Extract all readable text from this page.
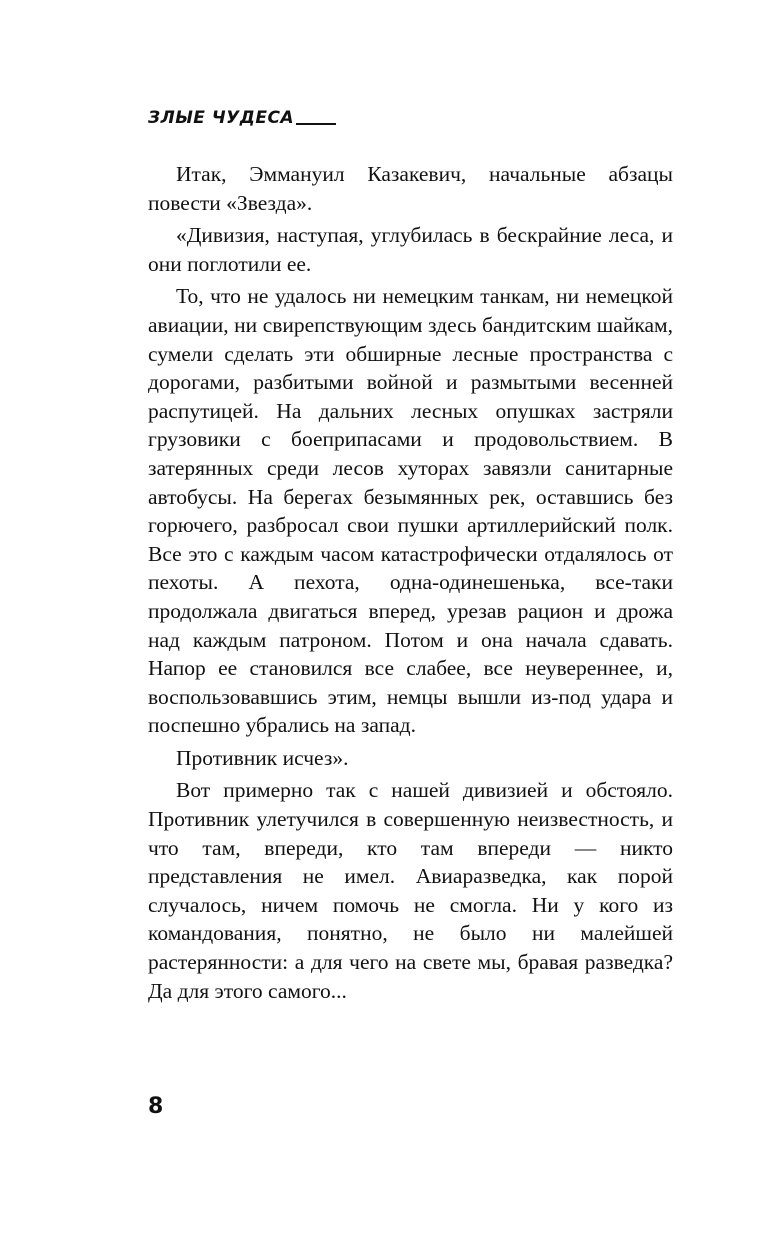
ЗЛЫЕ ЧУДЕСА

Итак, Эммануил Казакевич, начальные абзацы повести «Звезда».

«Дивизия, наступая, углубилась в бескрайние леса, и они поглотили ее.

То, что не удалось ни немецким танкам, ни немецкой авиации, ни свирепствующим здесь бандитским шайкам, сумели сделать эти обширные лесные пространства с дорогами, разбитыми войной и размытыми весенней распутицей. На дальних лесных опушках застряли грузовики с боеприпасами и продовольствием. В затерянных среди лесов хуторах завязли санитарные автобусы. На берегах безымянных рек, оставшись без горючего, разбросал свои пушки артиллерийский полк. Все это с каждым часом катастрофически отдалялось от пехоты. А пехота, одна-одинешенька, все-таки продолжала двигаться вперед, урезав рацион и дрожа над каждым патроном. Потом и она начала сдавать. Напор ее становился все слабее, все неувереннее, и, воспользовавшись этим, немцы вышли из-под удара и поспешно убрались на запад.

Противник исчез».

Вот примерно так с нашей дивизией и обстояло. Противник улетучился в совершенную неизвестность, и что там, впереди, кто там впереди — никто представления не имел. Авиаразведка, как порой случалось, ничем помочь не смогла. Ни у кого из командования, понятно, не было ни малейшей растерянности: а для чего на свете мы, бравая разведка? Да для этого самого...

8
